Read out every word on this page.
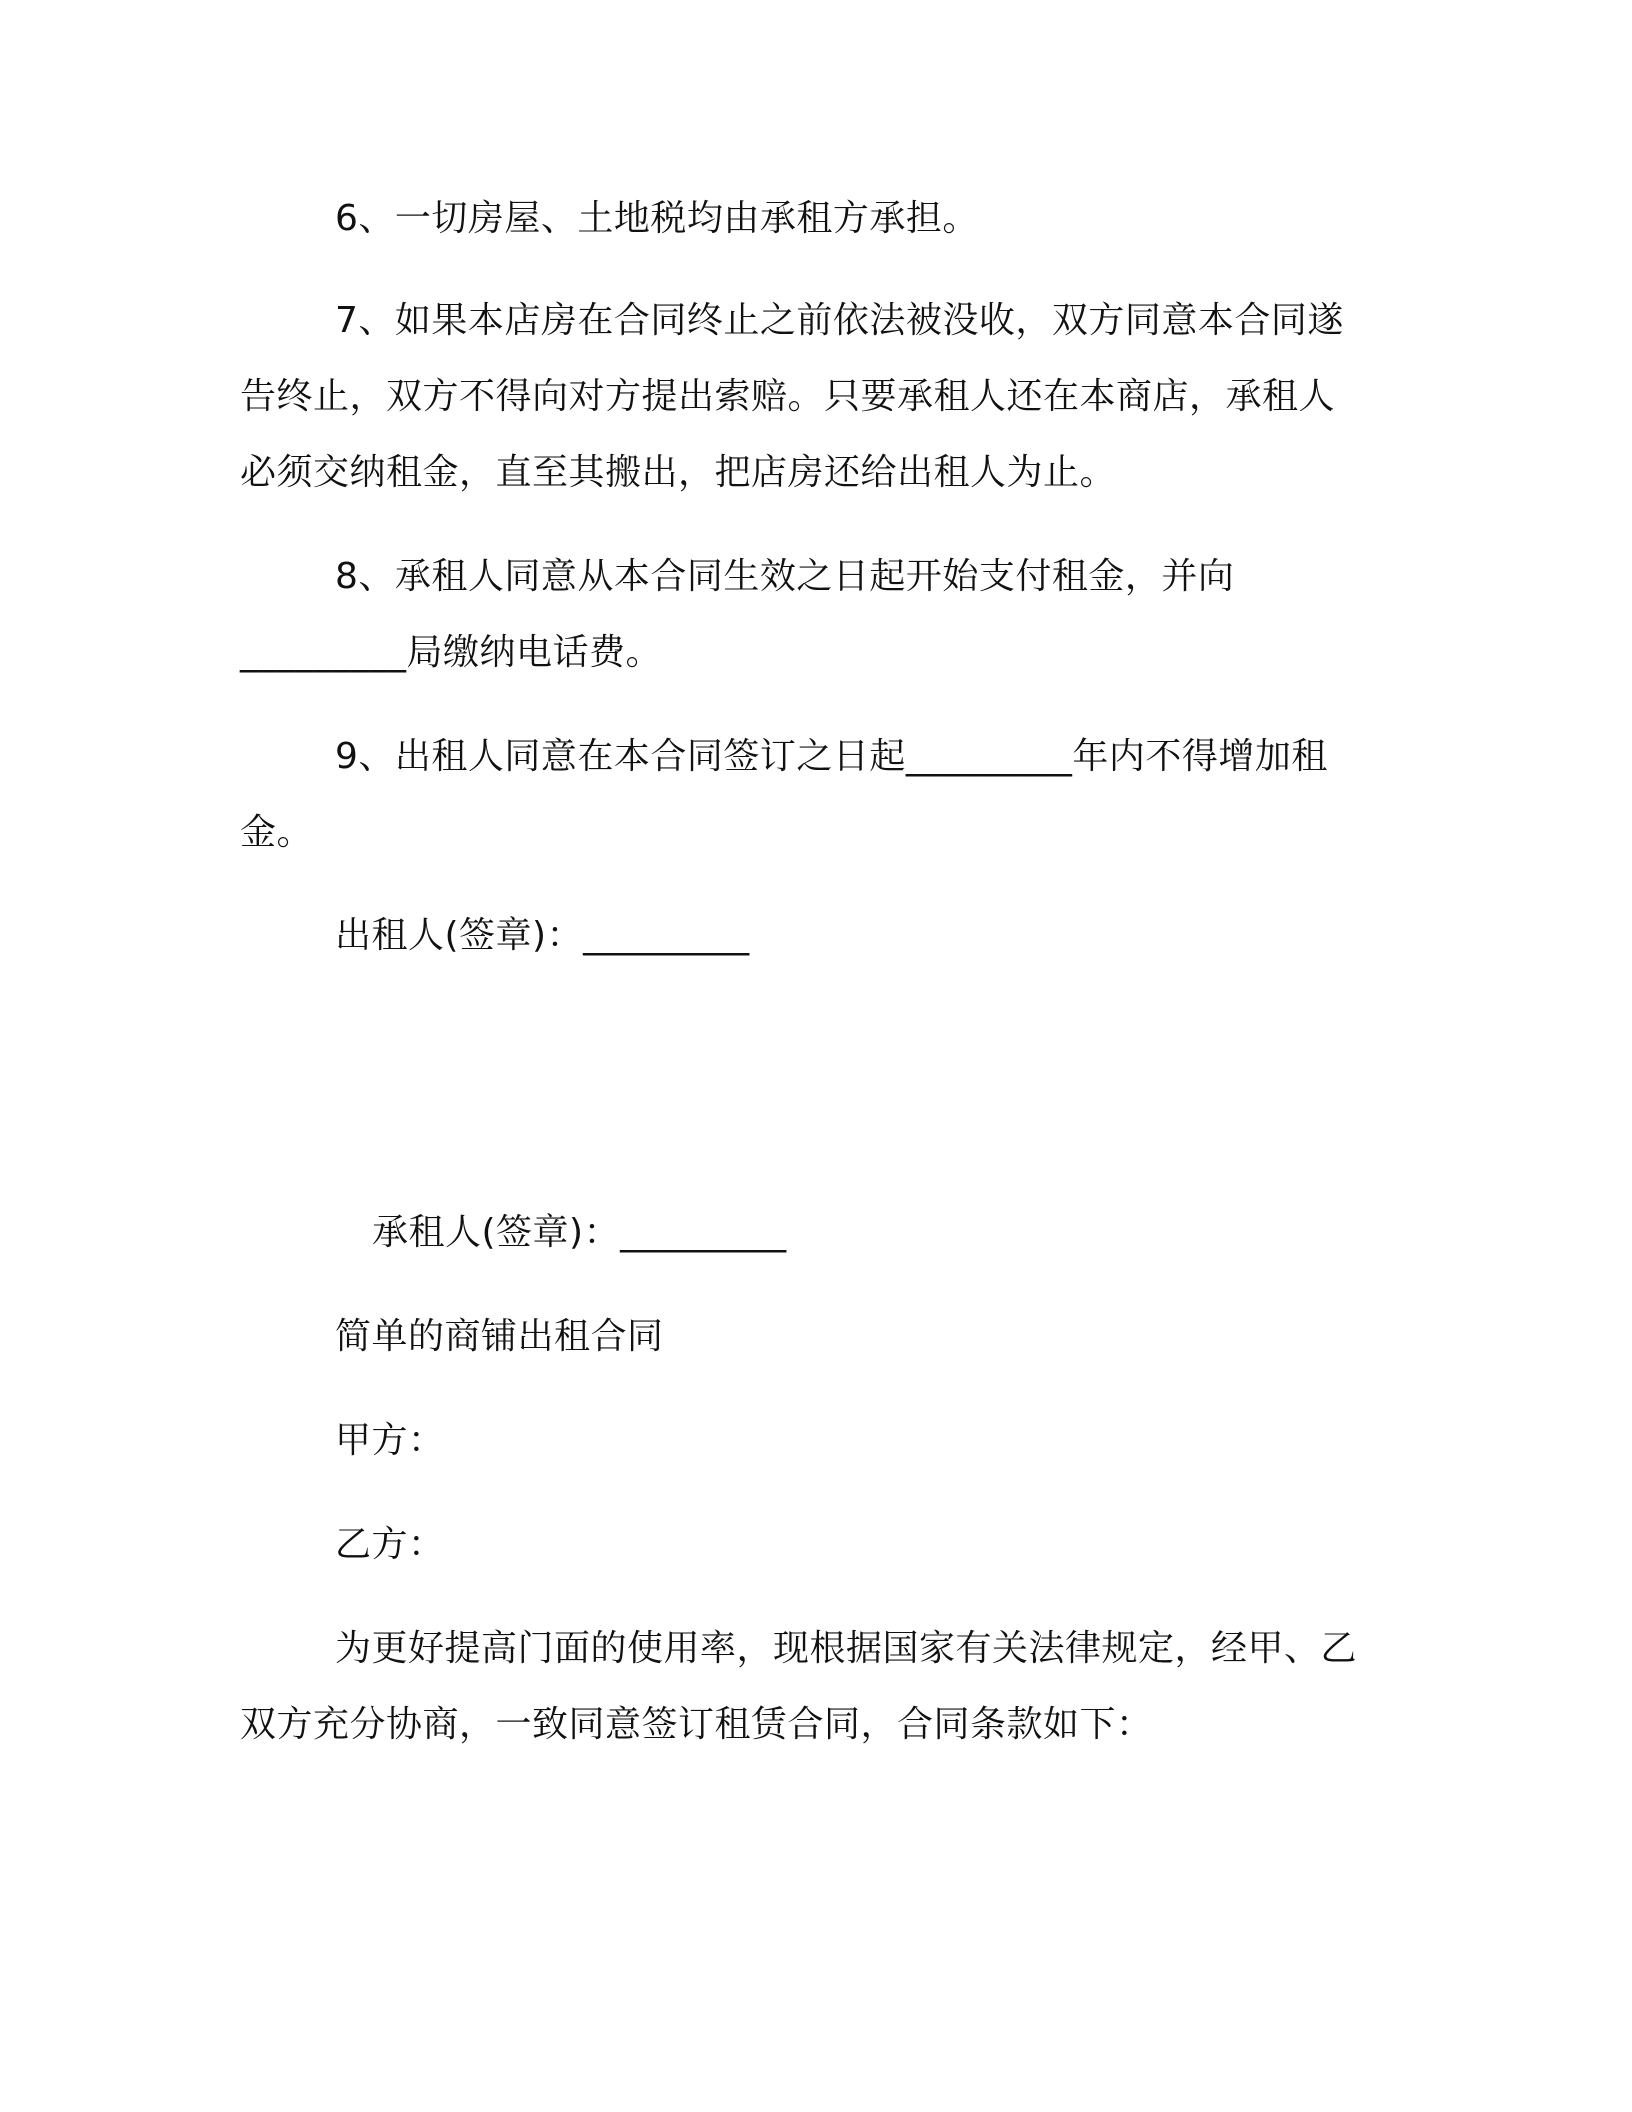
6、一切房屋、土地税均由承租方承担。
7、如果本店房在合同终止之前依法被没收，双方同意本合同遂
告终止，双方不得向对方提出索赔。只要承租人还在本商店，承租人
必须交纳租金，直至其搬出，把店房还给出租人为止。
8、承租人同意从本合同生效之日起开始支付租金，并向
_________局缴纳电话费。
9、出租人同意在本合同签订之日起_________年内不得增加租
金。
出租人(签章)：_________
承租人(签章)：_________
简单的商铺出租合同
甲方：
乙方：
为更好提高门面的使用率，现根据国家有关法律规定，经甲、乙
双方充分协商，一致同意签订租赁合同，合同条款如下：
